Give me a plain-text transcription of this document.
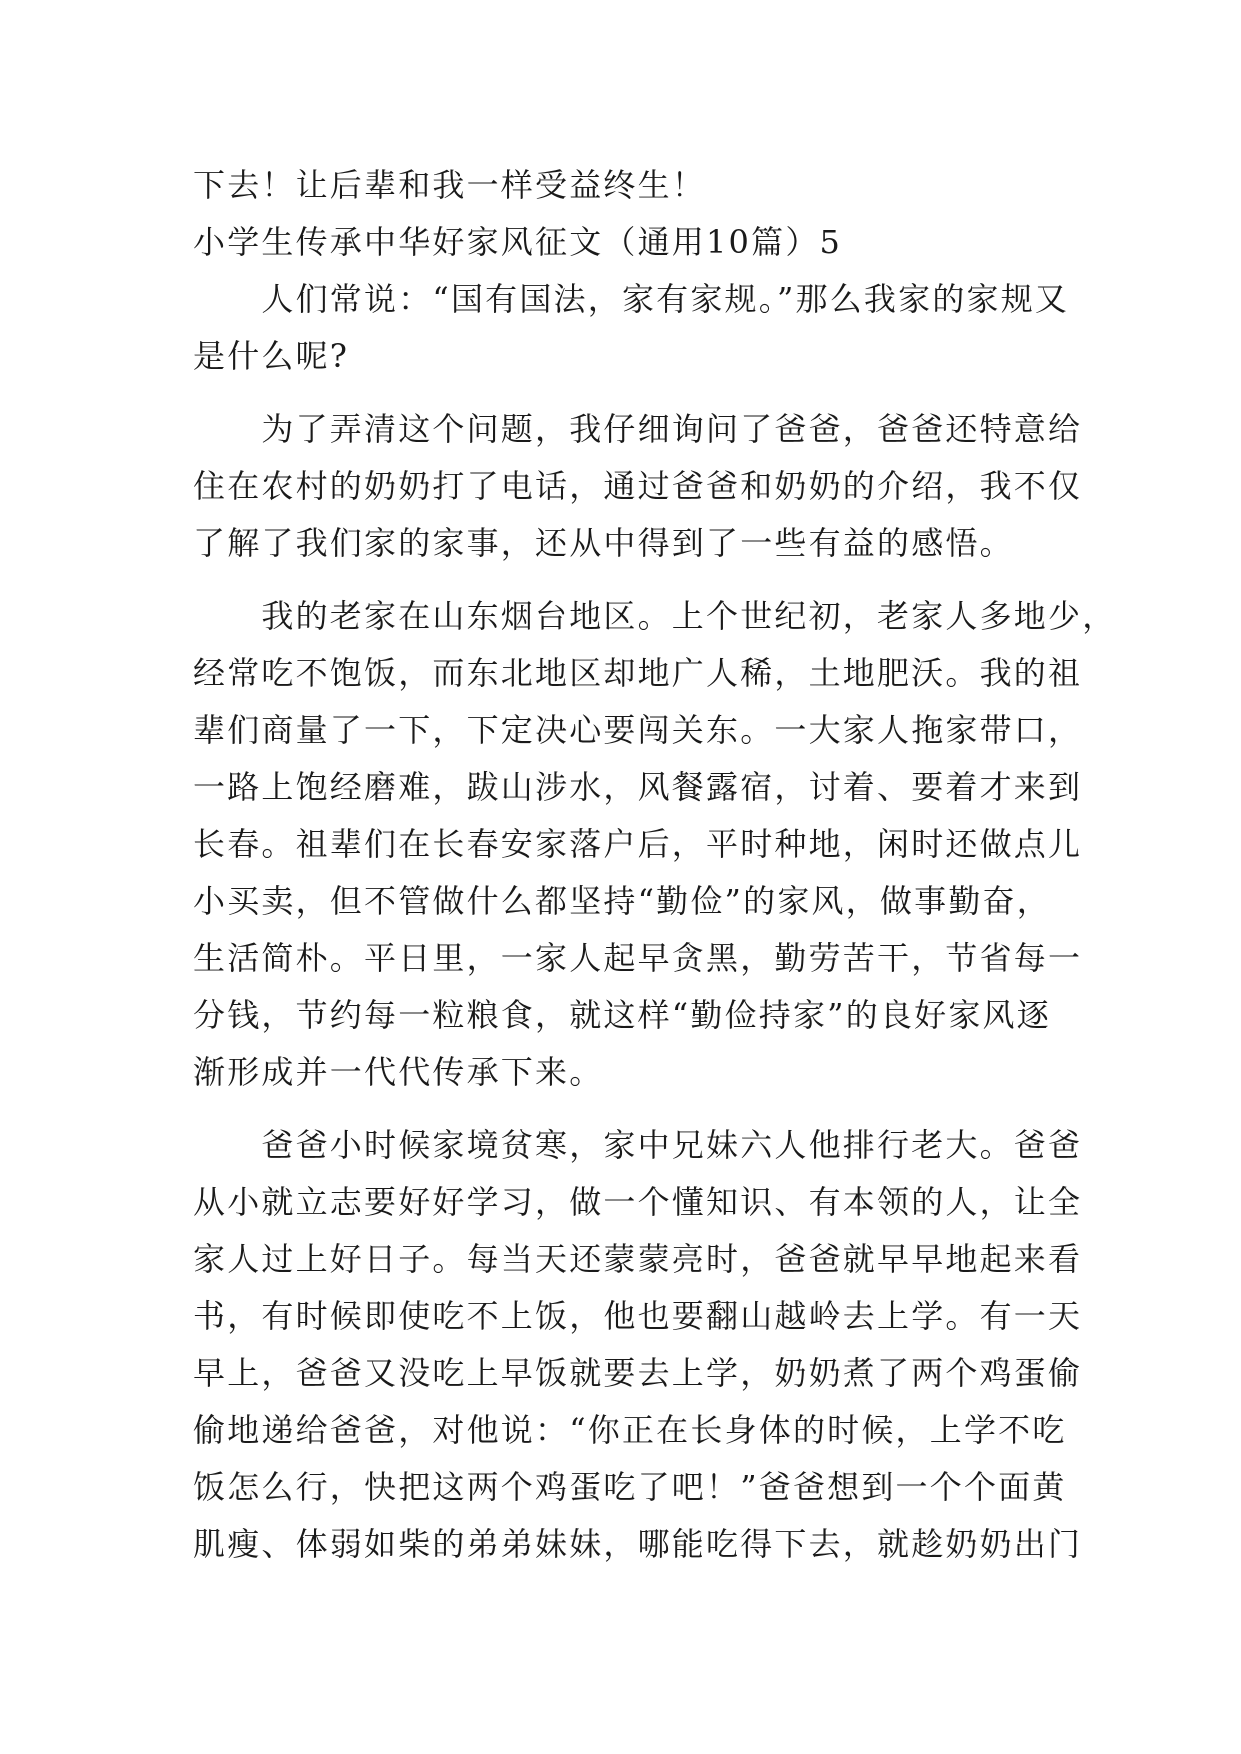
下去！让后辈和我一样受益终生！
小学生传承中华好家风征文（通用10篇）5
　　人们常说：“国有国法，家有家规。”那么我家的家规又
是什么呢?
　　为了弄清这个问题，我仔细询问了爸爸，爸爸还特意给
住在农村的奶奶打了电话，通过爸爸和奶奶的介绍，我不仅
了解了我们家的家事，还从中得到了一些有益的感悟。
　　我的老家在山东烟台地区。上个世纪初，老家人多地少，
经常吃不饱饭，而东北地区却地广人稀，土地肥沃。我的祖
辈们商量了一下，下定决心要闯关东。一大家人拖家带口，
一路上饱经磨难，跋山涉水，风餐露宿，讨着、要着才来到
长春。祖辈们在长春安家落户后，平时种地，闲时还做点儿
小买卖，但不管做什么都坚持“勤俭”的家风，做事勤奋，
生活简朴。平日里，一家人起早贪黑，勤劳苦干，节省每一
分钱，节约每一粒粮食，就这样“勤俭持家”的良好家风逐
渐形成并一代代传承下来。
　　爸爸小时候家境贫寒，家中兄妹六人他排行老大。爸爸
从小就立志要好好学习，做一个懂知识、有本领的人，让全
家人过上好日子。每当天还蒙蒙亮时，爸爸就早早地起来看
书，有时候即使吃不上饭，他也要翻山越岭去上学。有一天
早上，爸爸又没吃上早饭就要去上学，奶奶煮了两个鸡蛋偷
偷地递给爸爸，对他说：“你正在长身体的时候，上学不吃
饭怎么行，快把这两个鸡蛋吃了吧！”爸爸想到一个个面黄
肌瘦、体弱如柴的弟弟妹妹，哪能吃得下去，就趁奶奶出门
